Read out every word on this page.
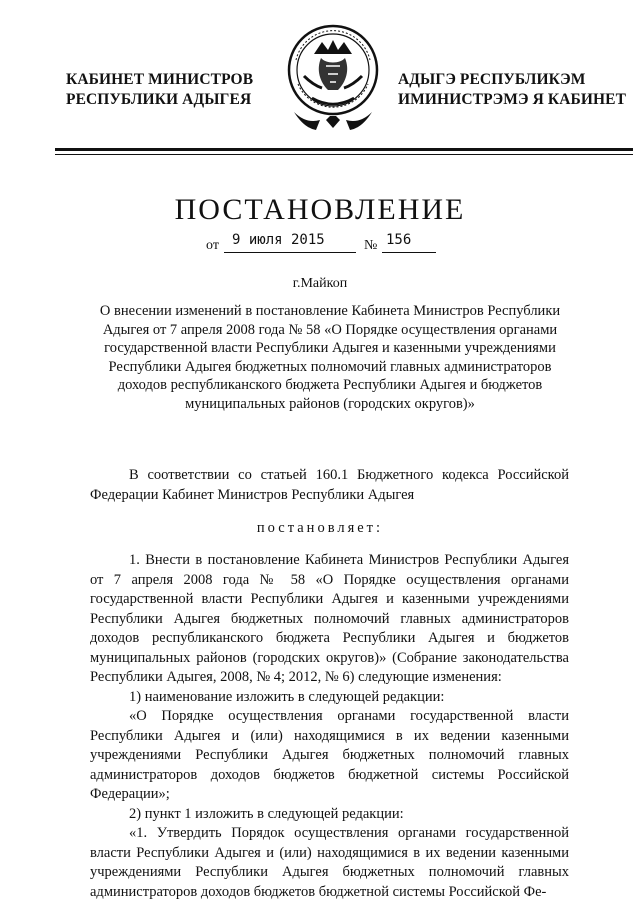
КАБИНЕТ МИНИСТРОВ
РЕСПУБЛИКИ АДЫГЕЯ
АДЫГЭ РЕСПУБЛИКЭМ
ИМИНИСТРЭМЭ Я КАБИНЕТ
ПОСТАНОВЛЕНИЕ
от 9 июля 2015	№ 156
г.Майкоп
О внесении изменений в постановление Кабинета Министров Республики Адыгея от 7 апреля 2008 года № 58 «О Порядке осуществления органами государственной власти Республики Адыгея и казенными учреждениями Республики Адыгея бюджетных полномочий главных администраторов доходов республиканского бюджета Республики Адыгея и бюджетов муниципальных районов (городских округов)»

В соответствии со статьей 160.1 Бюджетного кодекса Российской Федерации Кабинет Министров Республики Адыгея

постановляет:

1. Внести в постановление Кабинета Министров Республики Адыгея от 7 апреля 2008 года № 58 «О Порядке осуществления органами государственной власти Республики Адыгея и казенными учреждениями Республики Адыгея бюджетных полномочий главных администраторов доходов республиканского бюджета Республики Адыгея и бюджетов муниципальных районов (городских округов)» (Собрание законодательства Республики Адыгея, 2008, № 4; 2012, № 6) следующие изменения:

1) наименование изложить в следующей редакции:

«О Порядке осуществления органами государственной власти Республики Адыгея и (или) находящимися в их ведении казенными учреждениями Республики Адыгея бюджетных полномочий главных администраторов доходов бюджетов бюджетной системы Российской Федерации»;

2) пункт 1 изложить в следующей редакции:

«1. Утвердить Порядок осуществления органами государственной власти Республики Адыгея и (или) находящимися в их ведении казенными учреждениями Республики Адыгея бюджетных полномочий главных администраторов доходов бюджетов бюджетной системы Российской Фе-
